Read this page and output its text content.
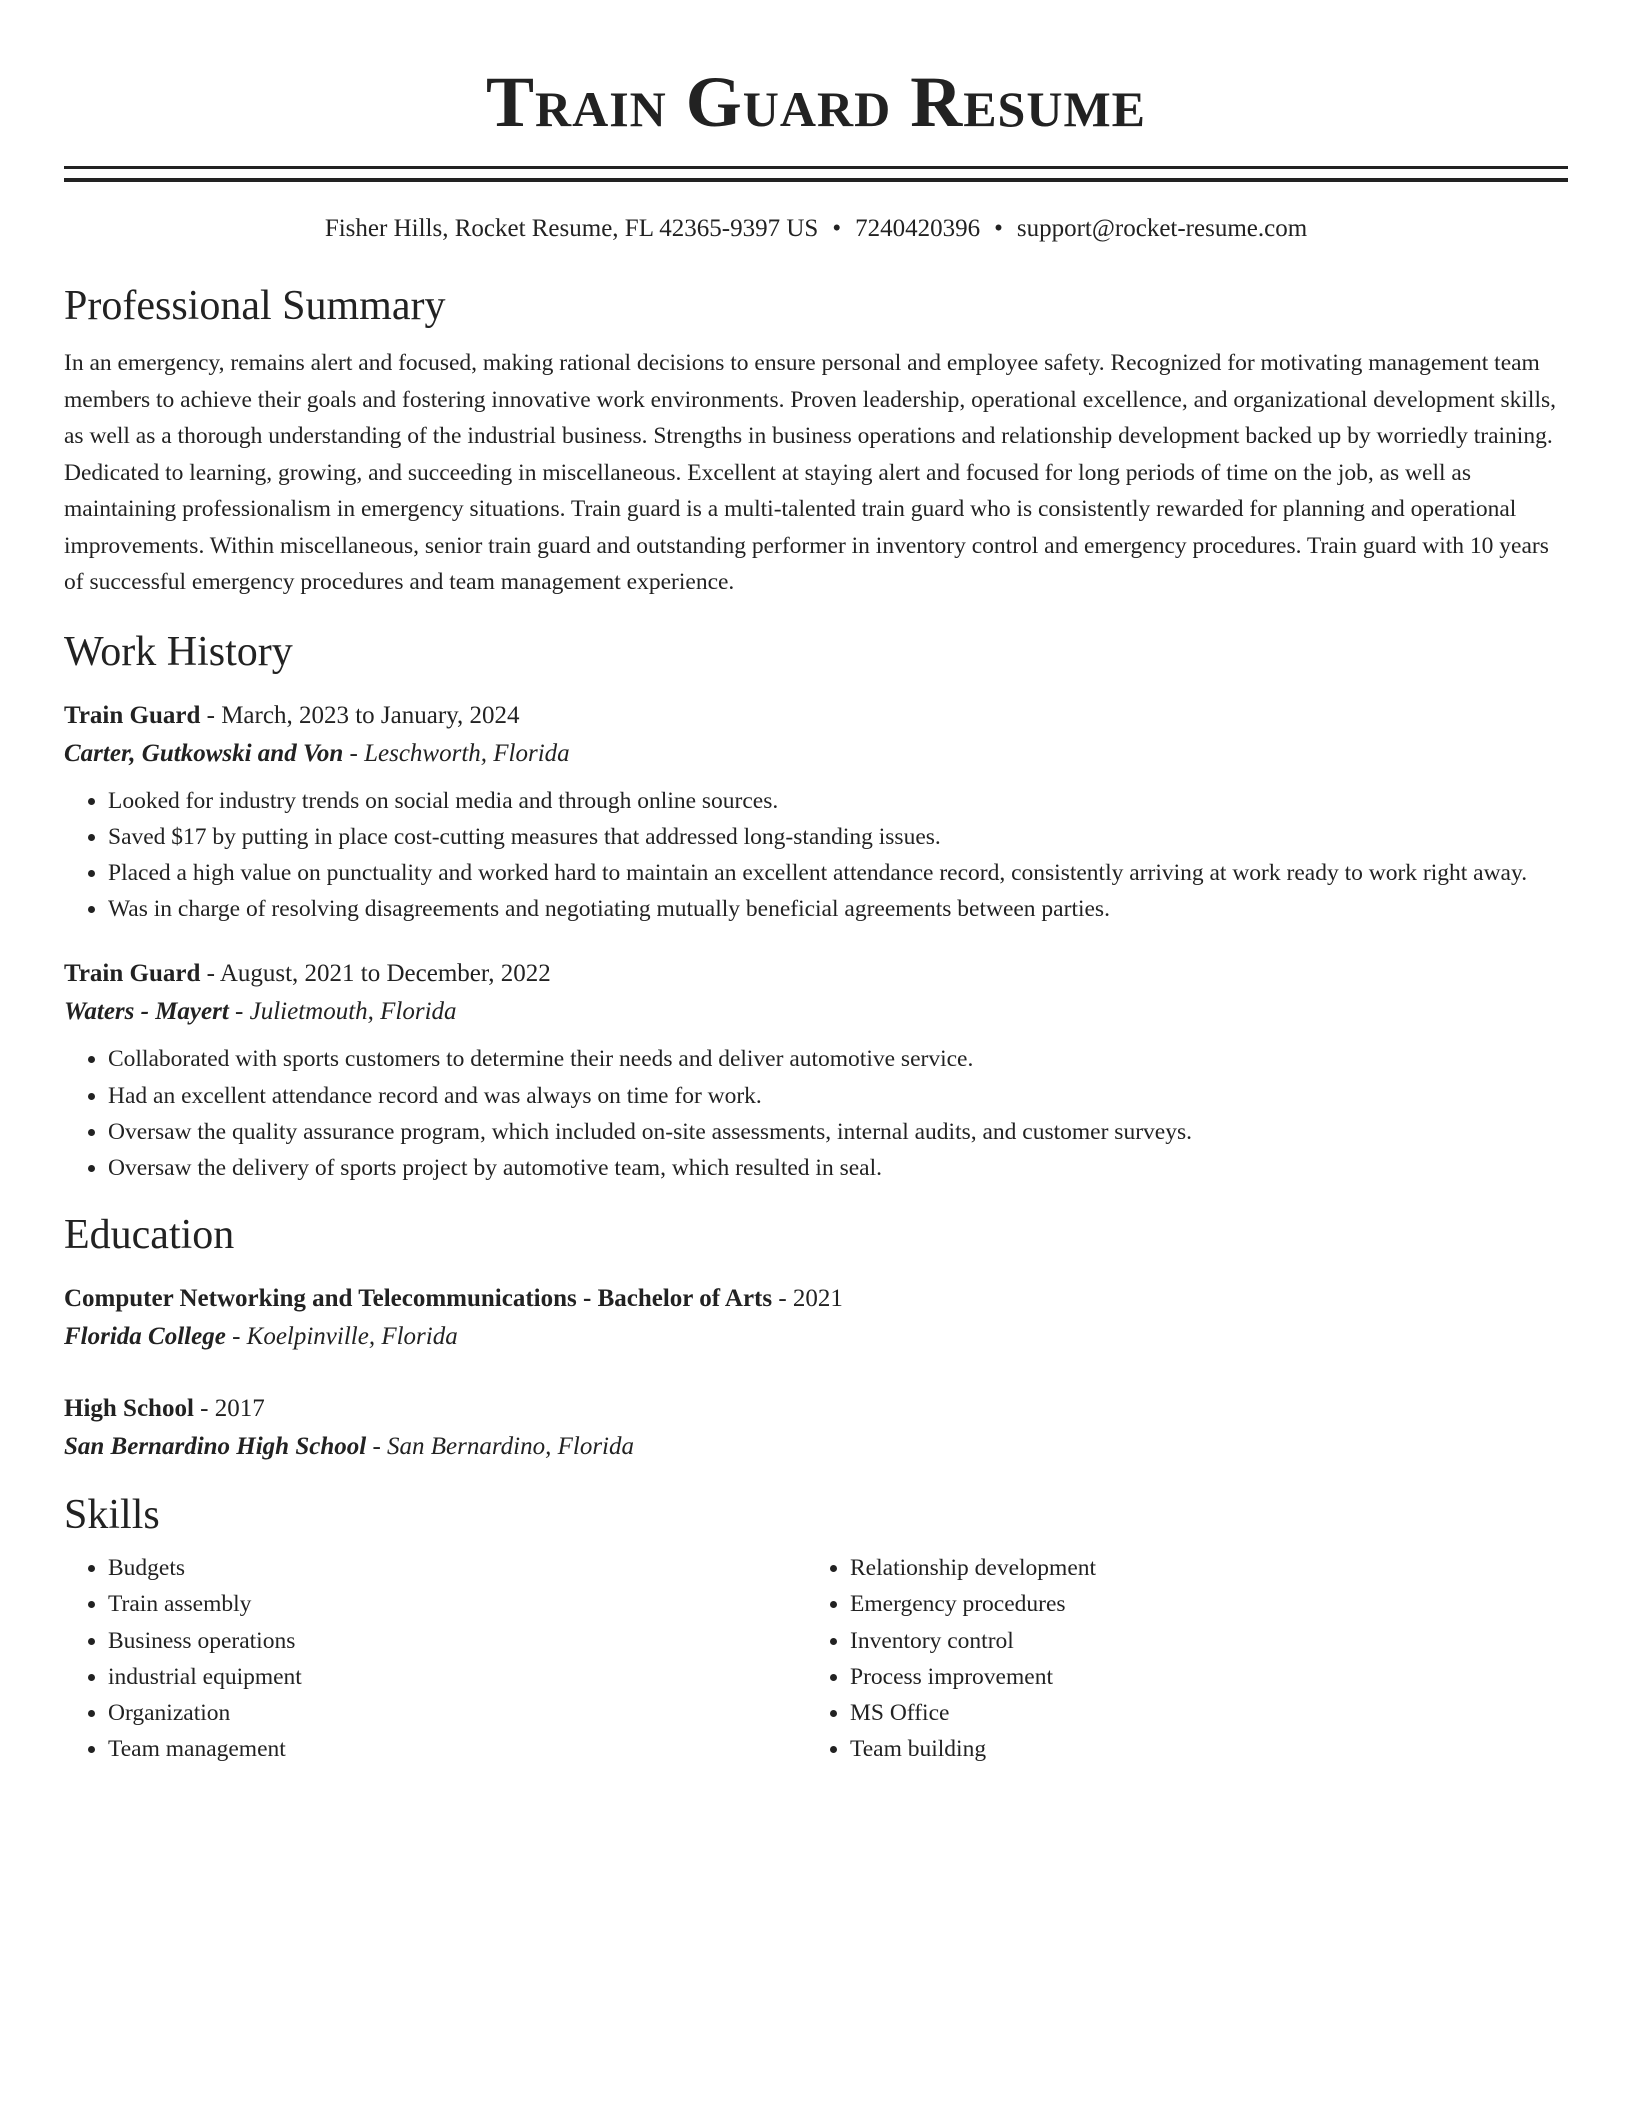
Train Guard Resume
Fisher Hills, Rocket Resume, FL 42365-9397 US • 7240420396 • support@rocket-resume.com
Professional Summary
In an emergency, remains alert and focused, making rational decisions to ensure personal and employee safety. Recognized for motivating management team members to achieve their goals and fostering innovative work environments. Proven leadership, operational excellence, and organizational development skills, as well as a thorough understanding of the industrial business. Strengths in business operations and relationship development backed up by worriedly training. Dedicated to learning, growing, and succeeding in miscellaneous. Excellent at staying alert and focused for long periods of time on the job, as well as maintaining professionalism in emergency situations. Train guard is a multi-talented train guard who is consistently rewarded for planning and operational improvements. Within miscellaneous, senior train guard and outstanding performer in inventory control and emergency procedures. Train guard with 10 years of successful emergency procedures and team management experience.
Work History
Train Guard - March, 2023 to January, 2024
Carter, Gutkowski and Von - Leschworth, Florida
• Looked for industry trends on social media and through online sources.
• Saved $17 by putting in place cost-cutting measures that addressed long-standing issues.
• Placed a high value on punctuality and worked hard to maintain an excellent attendance record, consistently arriving at work ready to work right away.
• Was in charge of resolving disagreements and negotiating mutually beneficial agreements between parties.
Train Guard - August, 2021 to December, 2022
Waters - Mayert - Julietmouth, Florida
• Collaborated with sports customers to determine their needs and deliver automotive service.
• Had an excellent attendance record and was always on time for work.
• Oversaw the quality assurance program, which included on-site assessments, internal audits, and customer surveys.
• Oversaw the delivery of sports project by automotive team, which resulted in seal.
Education
Computer Networking and Telecommunications - Bachelor of Arts - 2021
Florida College - Koelpinville, Florida
High School - 2017
San Bernardino High School - San Bernardino, Florida
Skills
• Budgets
• Train assembly
• Business operations
• industrial equipment
• Organization
• Team management
• Relationship development
• Emergency procedures
• Inventory control
• Process improvement
• MS Office
• Team building
